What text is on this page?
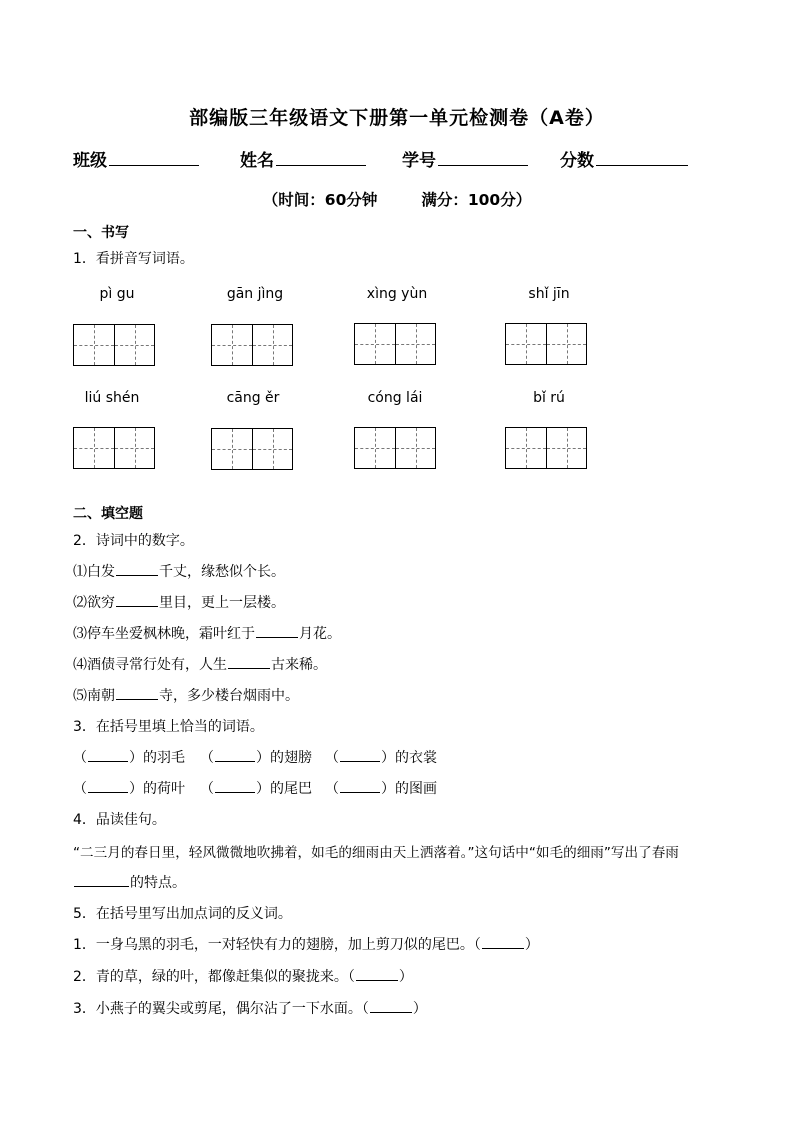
部编版三年级语文下册第一单元检测卷（A卷）
班级	姓名	学号	分数
（时间：60分钟	满分：100分）
一、书写
1．看拼音写词语。
pì gu	gān jìng	xìng yùn	shǐ jīn
liú shén	cāng ěr	cóng lái	bǐ rú
二、填空题
2．诗词中的数字。
⑴白发	千丈，缘愁似个长。
⑵欲穷	里目，更上一层楼。
⑶停车坐爱枫林晚，霜叶红于	月花。
⑷酒债寻常行处有，人生	古来稀。
⑸南朝	寺，多少楼台烟雨中。
3．在括号里填上恰当的词语。
（	）的羽毛 （	）的翅膀 （	）的衣裳
（	）的荷叶 （	）的尾巴 （	）的图画
4．品读佳句。
“二三月的春日里，轻风微微地吹拂着，如毛的细雨由天上洒落着。”这句话中“如毛的细雨”写出了春雨
的特点。
5．在括号里写出加点词的反义词。
1．一身乌黑的羽毛，一对轻快有力的翅膀，加上剪刀似的尾巴。（	）
2．青的草，绿的叶，都像赶集似的聚拢来。（	）
3．小燕子的翼尖或剪尾，偶尔沾了一下水面。（	）
